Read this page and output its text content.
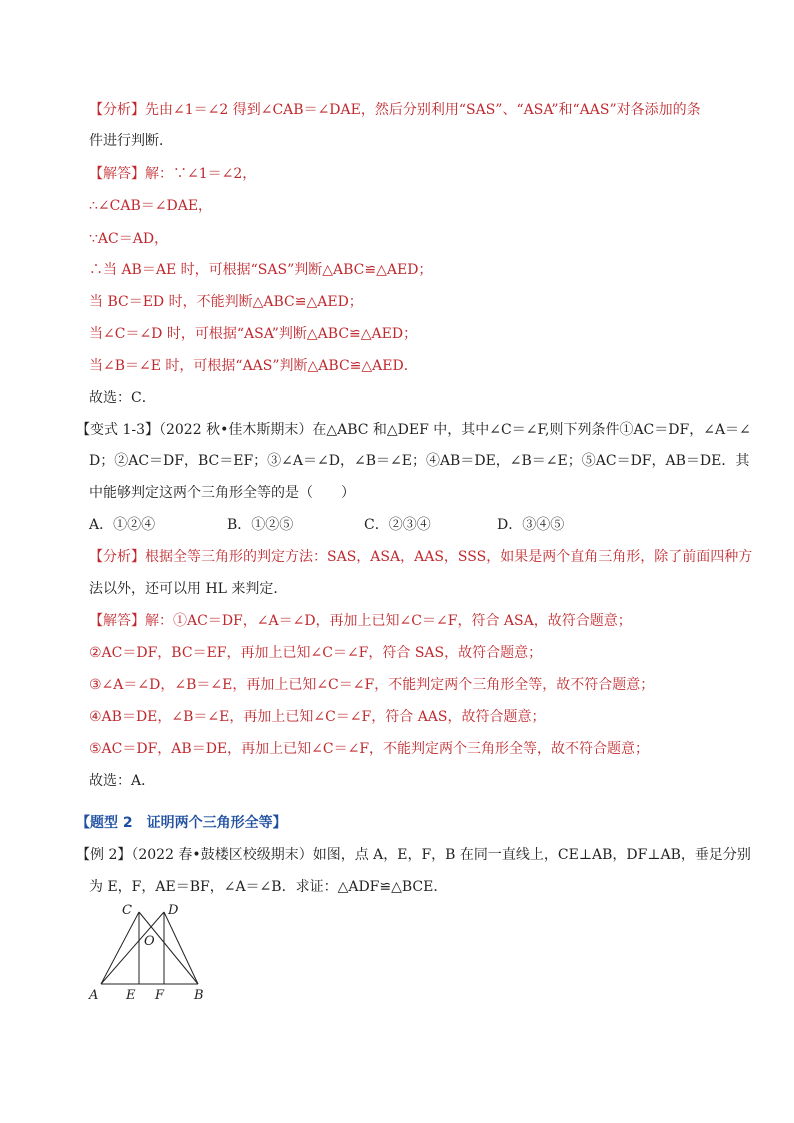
【分析】先由∠1＝∠2 得到∠CAB＝∠DAE，然后分别利用“SAS”、“ASA”和“AAS”对各添加的条
件进行判断．
【解答】解：∵∠1＝∠2，
∴∠CAB＝∠DAE，
∵AC＝AD，
∴当 AB＝AE 时，可根据“SAS”判断△ABC≌△AED；
当 BC＝ED 时，不能判断△ABC≌△AED；
当∠C＝∠D 时，可根据“ASA”判断△ABC≌△AED；
当∠B＝∠E 时，可根据“AAS”判断△ABC≌△AED．
故选：C．
【变式 1-3】（2022 秋•佳木斯期末）在△ABC 和△DEF 中，其中∠C＝∠F,则下列条件①AC＝DF，∠A＝∠
D；②AC＝DF，BC＝EF；③∠A＝∠D，∠B＝∠E；④AB＝DE，∠B＝∠E；⑤AC＝DF，AB＝DE．其
中能够判定这两个三角形全等的是（　　）
A．①②④	B．①②⑤	C．②③④	D．③④⑤
【分析】根据全等三角形的判定方法：SAS，ASA，AAS，SSS，如果是两个直角三角形，除了前面四种方
法以外，还可以用 HL 来判定．
【解答】解：①AC＝DF，∠A＝∠D，再加上已知∠C＝∠F，符合 ASA，故符合题意；
②AC＝DF，BC＝EF，再加上已知∠C＝∠F，符合 SAS，故符合题意；
③∠A＝∠D，∠B＝∠E，再加上已知∠C＝∠F，不能判定两个三角形全等，故不符合题意；
④AB＝DE，∠B＝∠E，再加上已知∠C＝∠F，符合 AAS，故符合题意；
⑤AC＝DF，AB＝DE，再加上已知∠C＝∠F，不能判定两个三角形全等，故不符合题意；
故选：A．
【题型 2　证明两个三角形全等】
【例 2】（2022 春•鼓楼区校级期末）如图，点 A，E，F，B 在同一直线上，CE⊥AB，DF⊥AB，垂足分别
为 E，F，AE＝BF，∠A＝∠B．求证：△ADF≌△BCE．
C	D
O
A E F B
